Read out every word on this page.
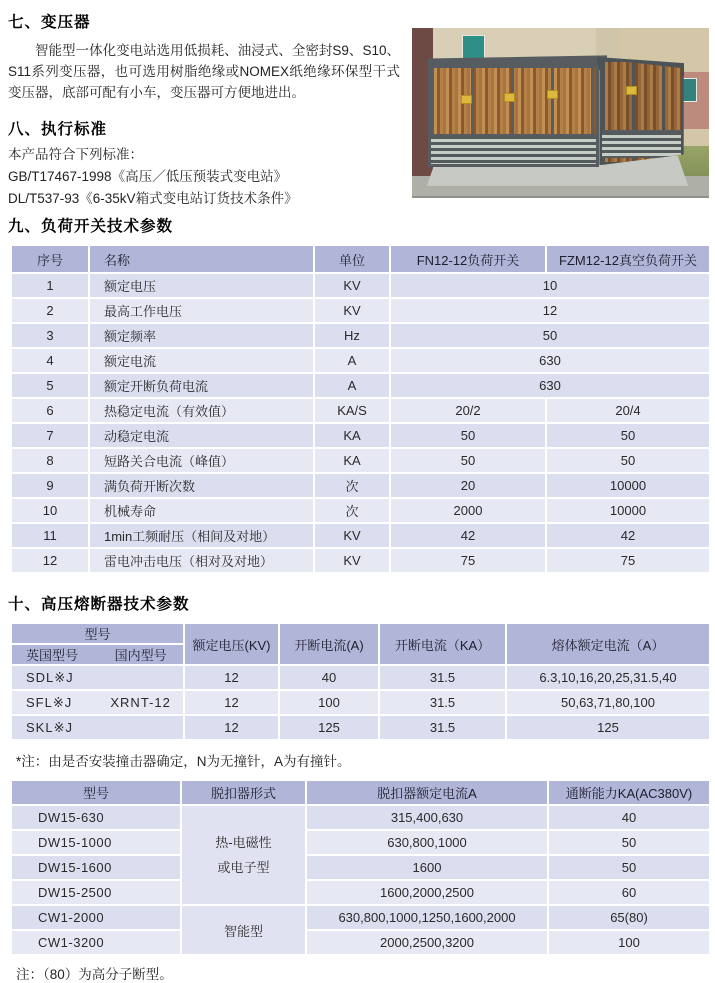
七、变压器

智能型一体化变电站选用低损耗、油浸式、全密封S9、S10、S11系列变压器，也可选用树脂绝缘或NOMEX纸绝缘环保型干式变压器，底部可配有小车，变压器可方便地进出。

八、执行标准
本产品符合下列标准：
GB/T17467-1998《高压／低压预装式变电站》
DL/T537-93《6-35kV箱式变电站订货技术条件》
九、负荷开关技术参数
序号	名称	单位	FN12-12负荷开关	FZM12-12真空负荷开关
1	额定电压	KV	10	
2	最高工作电压	KV	12	
3	额定频率	Hz	50	
4	额定电流	A	630	
5	额定开断负荷电流	A	630	
6	热稳定电流（有效值）	KA/S	20/2	20/4
7	动稳定电流	KA	50	50
8	短路关合电流（峰值）	KA	50	50
9	满负荷开断次数	次	20	10000
10	机械寿命	次	2000	10000
11	1min工频耐压（相间及对地）	KV	42	42
12	雷电冲击电压（相对及对地）	KV	75	75
十、高压熔断器技术参数
型号	额定电压(KV)	开断电流(A)	开断电流（KA）	熔体额定电流（A）

英国型号 国内型号				

SDL※J	12	40	31.5	6.3,10,16,20,25,31.5,40

SFL※J XRNT-12	12	100	31.5	50,63,71,80,100

SKL※J	12	125	31.5	125
*注：由是否安装撞击器确定，N为无撞针，A为有撞针。
型号	脱扣器形式	脱扣器额定电流A	通断能力KA(AC380V)
DW15-630	热-电磁性
或电子型	315,400,630	40
DW15-1000		630,800,1000	50
DW15-1600		1600	50
DW15-2500		1600,2000,2500	60
CW1-2000	智能型	630,800,1000,1250,1600,2000	65(80)
CW1-3200		2000,2500,3200	100
注：（80）为高分子断型。
